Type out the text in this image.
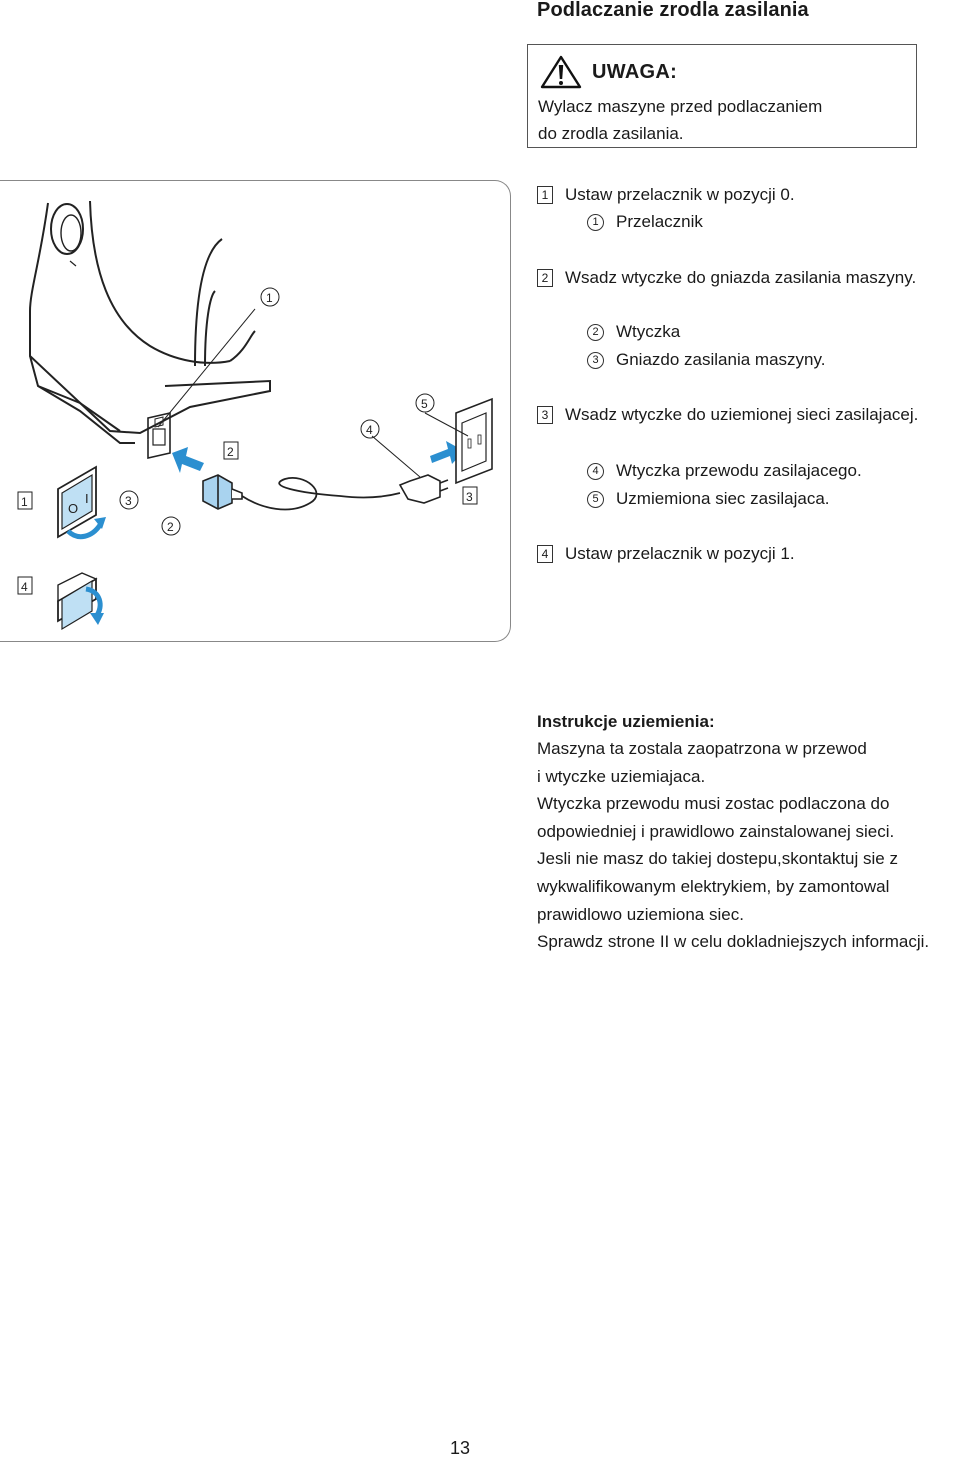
Podlaczanie zrodla zasilania
UWAGA:
Wylacz maszyne przed podlaczaniem
do zrodla zasilania.
O
I
1
4
2
3
1
2
3
4
5
1 Ustaw przelacznik w pozycji 0.
1	Przelacznik
2 Wsadz wtyczke do gniazda zasilania maszyny.
2	Wtyczka
3	Gniazdo zasilania maszyny.
3 Wsadz wtyczke do uziemionej sieci zasilajacej.
4	Wtyczka przewodu zasilajacego.
5	Uzmiemiona siec zasilajaca.
4 Ustaw przelacznik w pozycji 1.
Instrukcje uziemienia:
Maszyna ta zostala zaopatrzona w przewod
i wtyczke uziemiajaca.
Wtyczka przewodu musi zostac podlaczona do
odpowiedniej i prawidlowo zainstalowanej sieci.
Jesli nie masz do takiej dostepu,skontaktuj sie z
wykwalifikowanym elektrykiem, by zamontowal
prawidlowo uziemiona siec.
Sprawdz strone II w celu dokladniejszych informacji.
13
